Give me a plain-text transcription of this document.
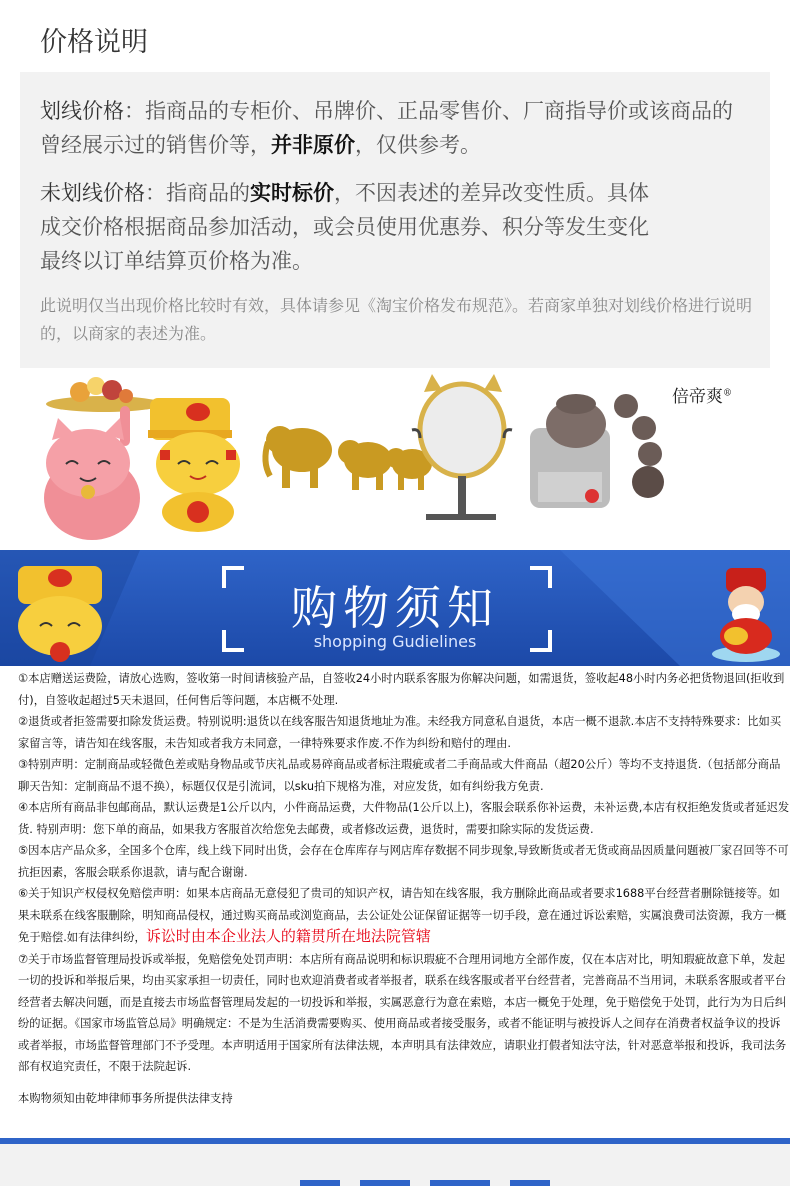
价格说明
划线价格：指商品的专柜价、吊牌价、正品零售价、厂商指导价或该商品的曾经展示过的销售价等，并非原价，仅供参考。
未划线价格：指商品的实时标价，不因表述的差异改变性质。具体
成交价格根据商品参加活动，或会员使用优惠券、积分等发生变化
最终以订单结算页价格为准。
此说明仅当出现价格比较时有效，具体请参见《淘宝价格发布规范》。若商家单独对划线价格进行说明的，以商家的表述为准。
倍帝爽®
购物须知
shopping Gudielines

①本店赠送运费险，请放心选购，签收第一时间请核验产品，自签收24小时内联系客服为你解决问题，如需退货，签收起48小时内务必把货物退回(拒收到付)，自签收起超过5天未退回，任何售后等问题，本店概不处理.

②退货或者拒签需要扣除发货运费。特别说明:退货以在线客服告知退货地址为准。未经我方同意私自退货，本店一概不退款.本店不支持特殊要求：比如买家留言等，请告知在线客服，未告知或者我方未同意，一律特殊要求作废.不作为纠纷和赔付的理由.

③特别声明：定制商品或轻微色差或贴身物品或节庆礼品或易碎商品或者标注瑕疵或者二手商品或大件商品（超20公斤）等均不支持退货.（包括部分商品聊天告知：定制商品不退不换），标题仅仅是引流词，以sku拍下规格为准，对应发货，如有纠纷我方免责.

④本店所有商品非包邮商品，默认运费是1公斤以内，小件商品运费，大件物品(1公斤以上)，客服会联系你补运费，未补运费,本店有权拒绝发货或者延迟发货. 特别声明：您下单的商品，如果我方客服首次给您免去邮费，或者修改运费，退货时，需要扣除实际的发货运费.

⑤因本店产品众多，全国多个仓库，线上线下同时出货，会存在仓库库存与网店库存数据不同步现象,导致断货或者无货或商品因质量问题被厂家召回等不可抗拒因素，客服会联系你退款，请与配合谢谢.

⑥关于知识产权侵权免赔偿声明：如果本店商品无意侵犯了贵司的知识产权，请告知在线客服，我方删除此商品或者要求1688平台经营者删除链接等。如果未联系在线客服删除，明知商品侵权，通过购买商品或浏览商品，去公证处公证保留证据等一切手段，意在通过诉讼索赔，实属浪费司法资源，我方一概免于赔偿.如有法律纠纷，诉讼时由本企业法人的籍贯所在地法院管辖

⑦关于市场监督管理局投诉或举报，免赔偿免处罚声明：本店所有商品说明和标识瑕疵不合理用词地方全部作废，仅在本店对比，明知瑕疵故意下单，发起一切的投诉和举报后果，均由买家承担一切责任，同时也欢迎消费者或者举报者，联系在线客服或者平台经营者，完善商品不当用词，未联系客服或者平台经营者去解决问题，而是直接去市场监督管理局发起的一切投诉和举报，实属恶意行为意在索赔，本店一概免于处理，免于赔偿免于处罚，此行为为日后纠纷的证据。《国家市场监管总局》明确规定：不是为生活消费需要购买、使用商品或者接受服务，或者不能证明与被投诉人之间存在消费者权益争议的投诉或者举报，市场监督管理部门不予受理。本声明适用于国家所有法律法规，本声明具有法律效应，请职业打假者知法守法，针对恶意举报和投诉，我司法务部有权追究责任，不限于法院起诉.

本购物须知由乾坤律师事务所提供法律支持
